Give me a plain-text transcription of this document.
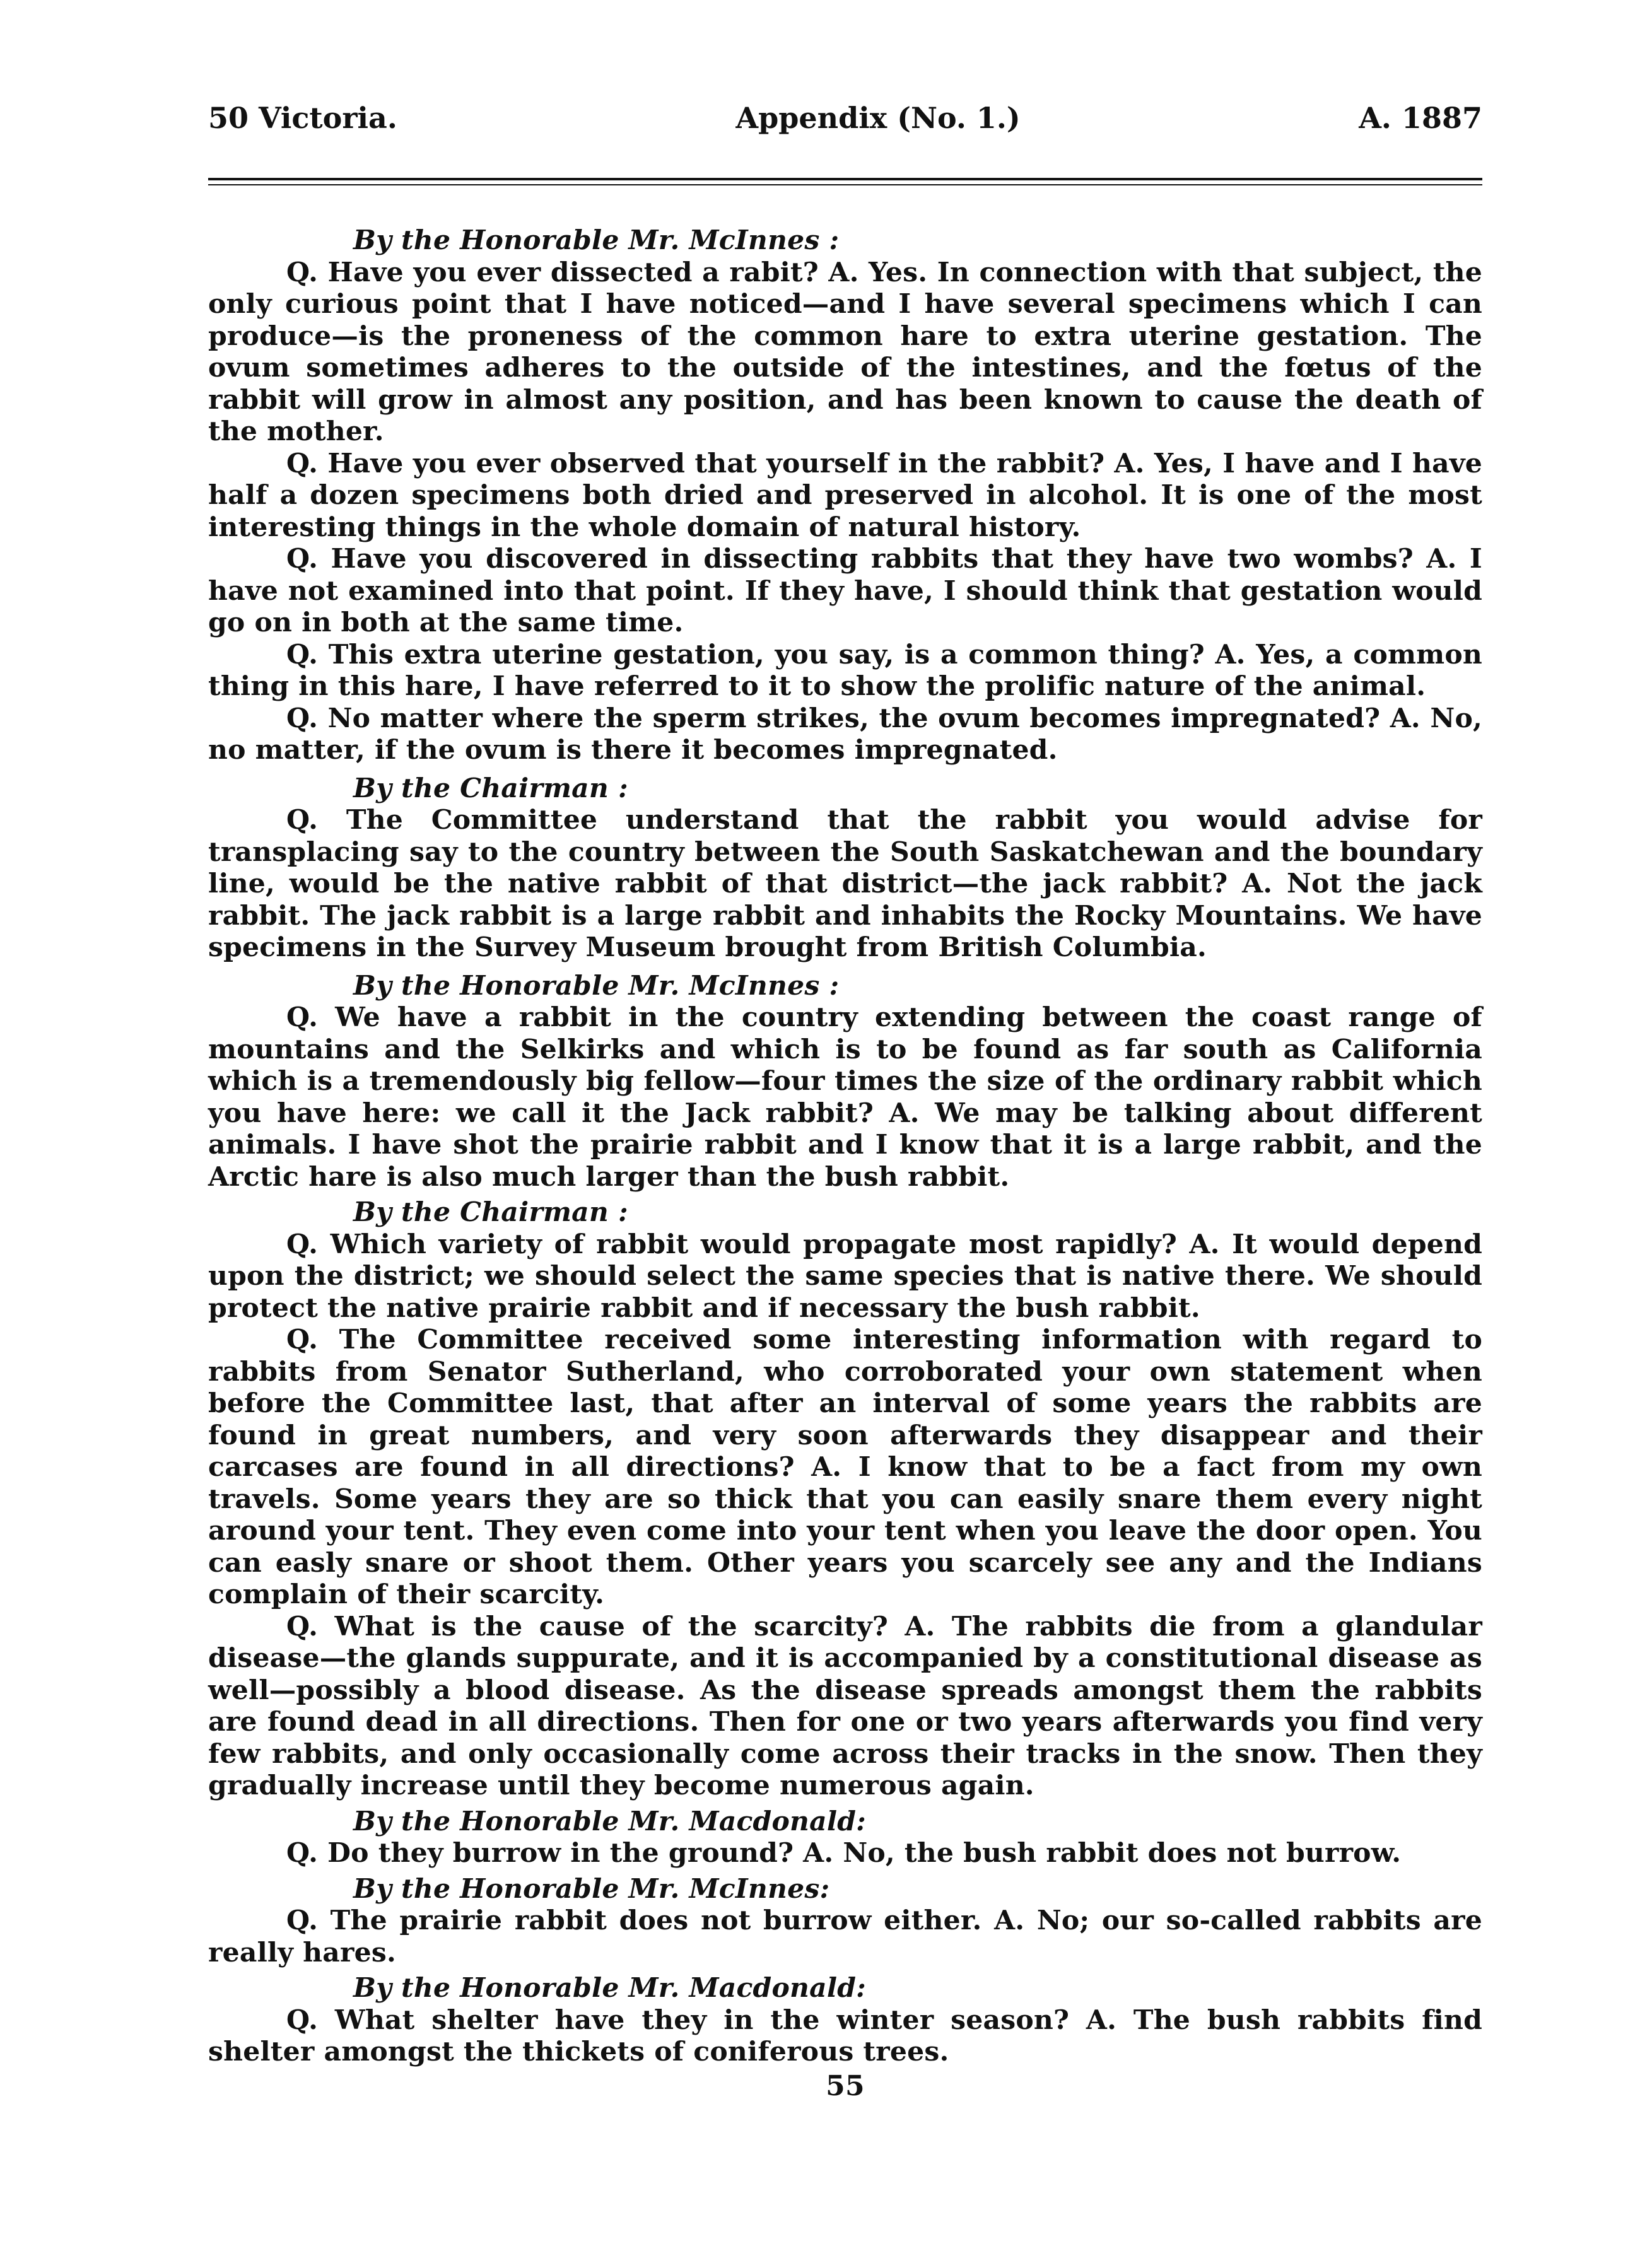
50 Victoria.	Appendix (No. 1.)	A. 1887
By the Honorable Mr. McInnes :

Q. Have you ever dissected a rabit? A. Yes. In connection with that subject, the only curious point that I have noticed—and I have several specimens which I can produce—is the proneness of the common hare to extra uterine gestation. The ovum sometimes adheres to the outside of the intestines, and the fœtus of the rabbit will grow in almost any position, and has been known to cause the death of the mother.

Q. Have you ever observed that yourself in the rabbit? A. Yes, I have and I have half a dozen specimens both dried and preserved in alcohol. It is one of the most interesting things in the whole domain of natural history.

Q. Have you discovered in dissecting rabbits that they have two wombs? A. I have not examined into that point. If they have, I should think that gestation would go on in both at the same time.

Q. This extra uterine gestation, you say, is a common thing? A. Yes, a common thing in this hare, I have referred to it to show the prolific nature of the animal.

Q. No matter where the sperm strikes, the ovum becomes impregnated? A. No, no matter, if the ovum is there it becomes impregnated.

By the Chairman :

Q. The Committee understand that the rabbit you would advise for transplacing say to the country between the South Saskatchewan and the boundary line, would be the native rabbit of that district—the jack rabbit? A. Not the jack rabbit. The jack rabbit is a large rabbit and inhabits the Rocky Mountains. We have specimens in the Survey Museum brought from British Columbia.

By the Honorable Mr. McInnes :

Q. We have a rabbit in the country extending between the coast range of mountains and the Selkirks and which is to be found as far south as California which is a tremendously big fellow—four times the size of the ordinary rabbit which you have here: we call it the Jack rabbit? A. We may be talking about different animals. I have shot the prairie rabbit and I know that it is a large rabbit, and the Arctic hare is also much larger than the bush rabbit.

By the Chairman :

Q. Which variety of rabbit would propagate most rapidly? A. It would depend upon the district; we should select the same species that is native there. We should protect the native prairie rabbit and if necessary the bush rabbit.

Q. The Committee received some interesting information with regard to rabbits from Senator Sutherland, who corroborated your own statement when before the Committee last, that after an interval of some years the rabbits are found in great numbers, and very soon afterwards they disappear and their carcases are found in all directions? A. I know that to be a fact from my own travels. Some years they are so thick that you can easily snare them every night around your tent. They even come into your tent when you leave the door open. You can easly snare or shoot them. Other years you scarcely see any and the Indians complain of their scarcity.

Q. What is the cause of the scarcity? A. The rabbits die from a glandular disease—the glands suppurate, and it is accompanied by a constitutional disease as well—possibly a blood disease. As the disease spreads amongst them the rabbits are found dead in all directions. Then for one or two years afterwards you find very few rabbits, and only occasionally come across their tracks in the snow. Then they gradually increase until they become numerous again.

By the Honorable Mr. Macdonald:

Q. Do they burrow in the ground? A. No, the bush rabbit does not burrow.

By the Honorable Mr. McInnes:

Q. The prairie rabbit does not burrow either. A. No; our so-called rabbits are really hares.

By the Honorable Mr. Macdonald:

Q. What shelter have they in the winter season? A. The bush rabbits find shelter amongst the thickets of coniferous trees.

55
